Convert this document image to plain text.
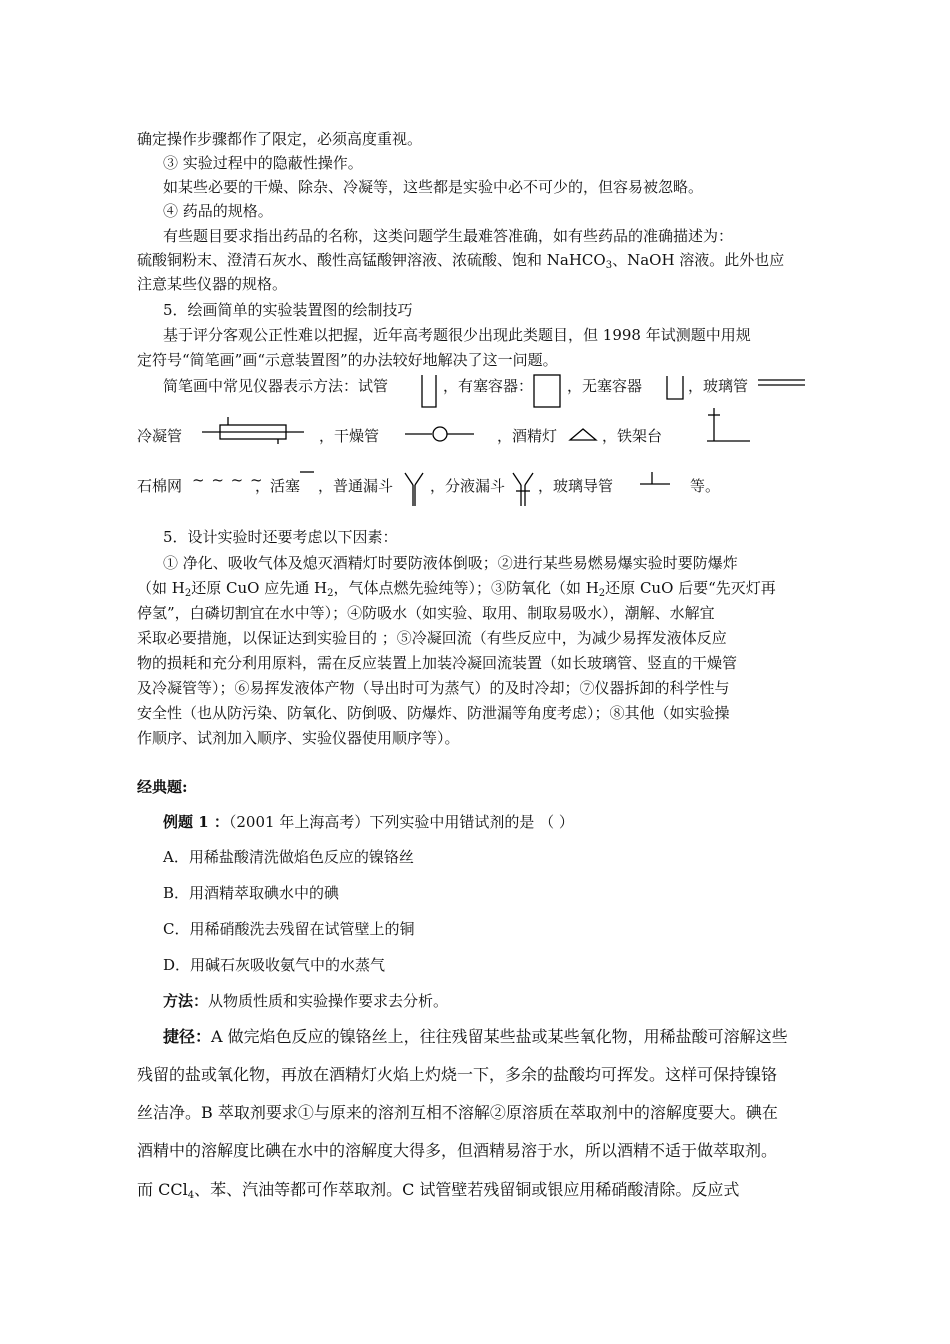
确定操作步骤都作了限定，必须高度重视。
③ 实验过程中的隐蔽性操作。
如某些必要的干燥、除杂、冷凝等，这些都是实验中必不可少的，但容易被忽略。
④ 药品的规格。
有些题目要求指出药品的名称，这类问题学生最难答准确，如有些药品的准确描述为：
硫酸铜粉末、澄清石灰水、酸性高锰酸钾溶液、浓硫酸、饱和 NaHCO$_3$、NaOH 溶液。此外也应
注意某些仪器的规格。
5．绘画简单的实验装置图的绘制技巧
基于评分客观公正性难以把握，近年高考题很少出现此类题目，但 1998 年试测题中用规
定符号“简笔画”画“示意装置图”的办法较好地解决了这一问题。
简笔画中常见仪器表示方法：试管	，有塞容器： ，无塞容器	，玻璃管
冷凝管	，干燥管	，酒精灯	，铁架台
石棉网 ~ ~ ~ ~
，活塞 ，普通漏斗 ，分液漏斗 ，玻璃导管	等。
5．设计实验时还要考虑以下因素：
① 净化、吸收气体及熄灭酒精灯时要防液体倒吸；②进行某些易燃易爆实验时要防爆炸
（如 $H_2$还原 CuO 应先通 $H_2$，气体点燃先验纯等）；③防氧化（如 $H_2$还原 CuO 后要“先灭灯再
停氢”，白磷切割宜在水中等）；④防吸水（如实验、取用、制取易吸水），潮解、水解宜
采取必要措施，以保证达到实验目的 ；⑤冷凝回流（有些反应中，为减少易挥发液体反应
物的损耗和充分利用原料，需在反应装置上加装冷凝回流装置（如长玻璃管、竖直的干燥管
及冷凝管等）；⑥易挥发液体产物（导出时可为蒸气）的及时冷却；⑦仪器拆卸的科学性与
安全性（也从防污染、防氧化、防倒吸、防爆炸、防泄漏等角度考虑）；⑧其他（如实验操
作顺序、试剂加入顺序、实验仪器使用顺序等）。
经典题:
例题 1 ：（2001 年上海高考）下列实验中用错试剂的是 （ ）
A．用稀盐酸清洗做焰色反应的镍铬丝
B．用酒精萃取碘水中的碘
C．用稀硝酸洗去残留在试管壁上的铜
D．用碱石灰吸收氨气中的水蒸气
方法：从物质性质和实验操作要求去分析。
捷径：A 做完焰色反应的镍铬丝上，往往残留某些盐或某些氧化物，用稀盐酸可溶解这些
残留的盐或氧化物，再放在酒精灯火焰上灼烧一下，多余的盐酸均可挥发。这样可保持镍铬
丝洁净。B 萃取剂要求①与原来的溶剂互相不溶解②原溶质在萃取剂中的溶解度要大。碘在
酒精中的溶解度比碘在水中的溶解度大得多，但酒精易溶于水，所以酒精不适于做萃取剂。
而 CCl$_4$、苯、汽油等都可作萃取剂。C 试管壁若残留铜或银应用稀硝酸清除。反应式
